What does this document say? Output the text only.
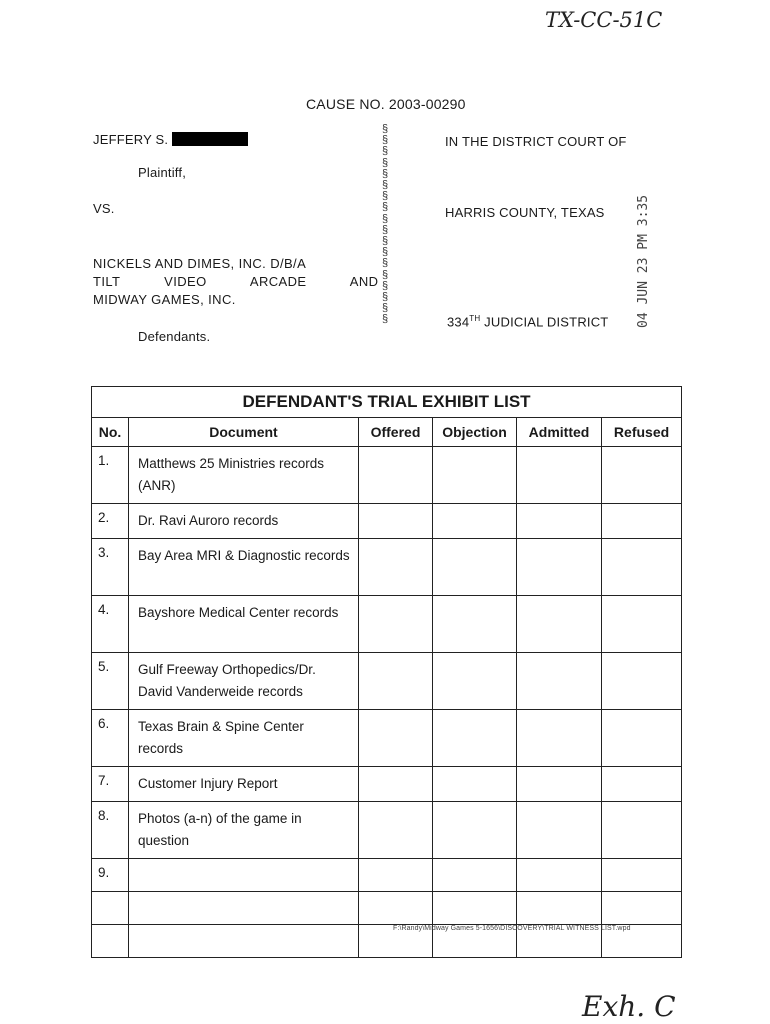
TX-CC-51C
CAUSE NO. 2003-00290
JEFFERY S.
Plaintiff,
VS.
NICKELS AND DIMES, INC. D/B/A
TILT VIDEO ARCADE AND
MIDWAY GAMES, INC.
Defendants.
§
§
§
§
§
§
§
§
§
§
§
§
§
§
§
§
§
§
IN THE DISTRICT COURT OF
HARRIS COUNTY, TEXAS
334TH JUDICIAL DISTRICT 04 JUN 23 PM 3:35
DEFENDANT'S TRIAL EXHIBIT LIST					
No.	Document	Offered	Objection	Admitted	Refused
1.	Matthews 25 Ministries records (ANR)				
2.	Dr. Ravi Auroro records				
3.	Bay Area MRI & Diagnostic records				
4.	Bayshore Medical Center records				
5.	Gulf Freeway Orthopedics/Dr. David Vanderweide records				
6.	Texas Brain & Spine Center records				
7.	Customer Injury Report				
8.	Photos (a-n) of the game in question				
9.					

F:\Randy\Midway Games 5-1656\DISCOVERY\TRIAL WITNESS LIST.wpd
Exh. C
